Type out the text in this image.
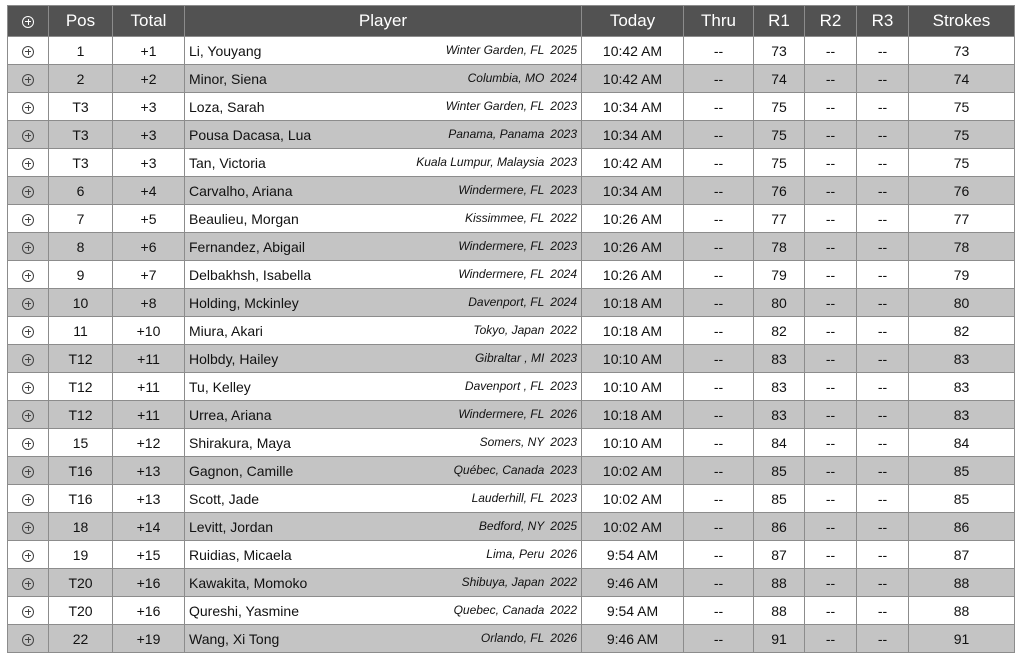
	Pos	Total	Player	Today	Thru	R1	R2	R3	Strokes
	1	+1	Li, Youyang Winter Garden, FL 2025	10:42 AM	--	73	--	--	73
	2	+2	Minor, Siena Columbia, MO 2024	10:42 AM	--	74	--	--	74
	T3	+3	Loza, Sarah Winter Garden, FL 2023	10:34 AM	--	75	--	--	75
	T3	+3	Pousa Dacasa, Lua Panama, Panama 2023	10:34 AM	--	75	--	--	75
	T3	+3	Tan, Victoria Kuala Lumpur, Malaysia 2023	10:42 AM	--	75	--	--	75
	6	+4	Carvalho, Ariana Windermere, FL 2023	10:34 AM	--	76	--	--	76
	7	+5	Beaulieu, Morgan Kissimmee, FL 2022	10:26 AM	--	77	--	--	77
	8	+6	Fernandez, Abigail Windermere, FL 2023	10:26 AM	--	78	--	--	78
	9	+7	Delbakhsh, Isabella Windermere, FL 2024	10:26 AM	--	79	--	--	79
	10	+8	Holding, Mckinley Davenport, FL 2024	10:18 AM	--	80	--	--	80
	11	+10	Miura, Akari Tokyo, Japan 2022	10:18 AM	--	82	--	--	82
	T12	+11	Holbdy, Hailey Gibraltar , MI 2023	10:10 AM	--	83	--	--	83
	T12	+11	Tu, Kelley Davenport , FL 2023	10:10 AM	--	83	--	--	83
	T12	+11	Urrea, Ariana Windermere, FL 2026	10:18 AM	--	83	--	--	83
	15	+12	Shirakura, Maya Somers, NY 2023	10:10 AM	--	84	--	--	84
	T16	+13	Gagnon, Camille Québec, Canada 2023	10:02 AM	--	85	--	--	85
	T16	+13	Scott, Jade Lauderhill, FL 2023	10:02 AM	--	85	--	--	85
	18	+14	Levitt, Jordan Bedford, NY 2025	10:02 AM	--	86	--	--	86
	19	+15	Ruidias, Micaela Lima, Peru 2026	9:54 AM	--	87	--	--	87
	T20	+16	Kawakita, Momoko Shibuya, Japan 2022	9:46 AM	--	88	--	--	88
	T20	+16	Qureshi, Yasmine Quebec, Canada 2022	9:54 AM	--	88	--	--	88
	22	+19	Wang, Xi Tong Orlando, FL 2026	9:46 AM	--	91	--	--	91
